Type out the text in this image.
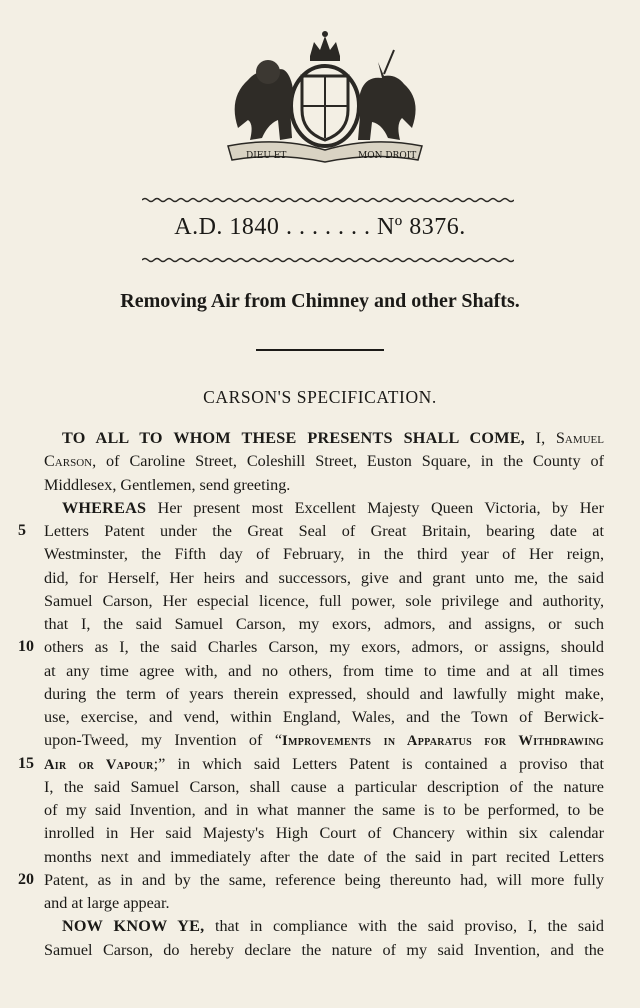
DIEU ET	MON DROIT
A.D. 1840 . . . . . . . Nº 8376.
Removing Air from Chimney and other Shafts.
CARSON'S SPECIFICATION.
TO ALL TO WHOM THESE PRESENTS SHALL COME, I, Samuel
Carson, of Caroline Street, Coleshill Street, Euston Square, in the County of
Middlesex, Gentlemen, send greeting.
WHEREAS Her present most Excellent Majesty Queen Victoria, by Her
Letters Patent under the Great Seal of Great Britain, bearing date at
Westminster, the Fifth day of February, in the third year of Her reign,
did, for Herself, Her heirs and successors, give and grant unto me, the said
Samuel Carson, Her especial licence, full power, sole privilege and authority,
that I, the said Samuel Carson, my exors, admors, and assigns, or such
others as I, the said Charles Carson, my exors, admors, or assigns, should
at any time agree with, and no others, from time to time and at all times
during the term of years therein expressed, should and lawfully might make,
use, exercise, and vend, within England, Wales, and the Town of Berwick-
upon-Tweed, my Invention of “Improvements in Apparatus for Withdrawing
Air or Vapour;” in which said Letters Patent is contained a proviso that
I, the said Samuel Carson, shall cause a particular description of the nature
of my said Invention, and in what manner the same is to be performed, to be
inrolled in Her said Majesty's High Court of Chancery within six calendar
months next and immediately after the date of the said in part recited Letters
Patent, as in and by the same, reference being thereunto had, will more fully
and at large appear.
NOW KNOW YE, that in compliance with the said proviso, I, the said
Samuel Carson, do hereby declare the nature of my said Invention, and the
5
10
15
20
